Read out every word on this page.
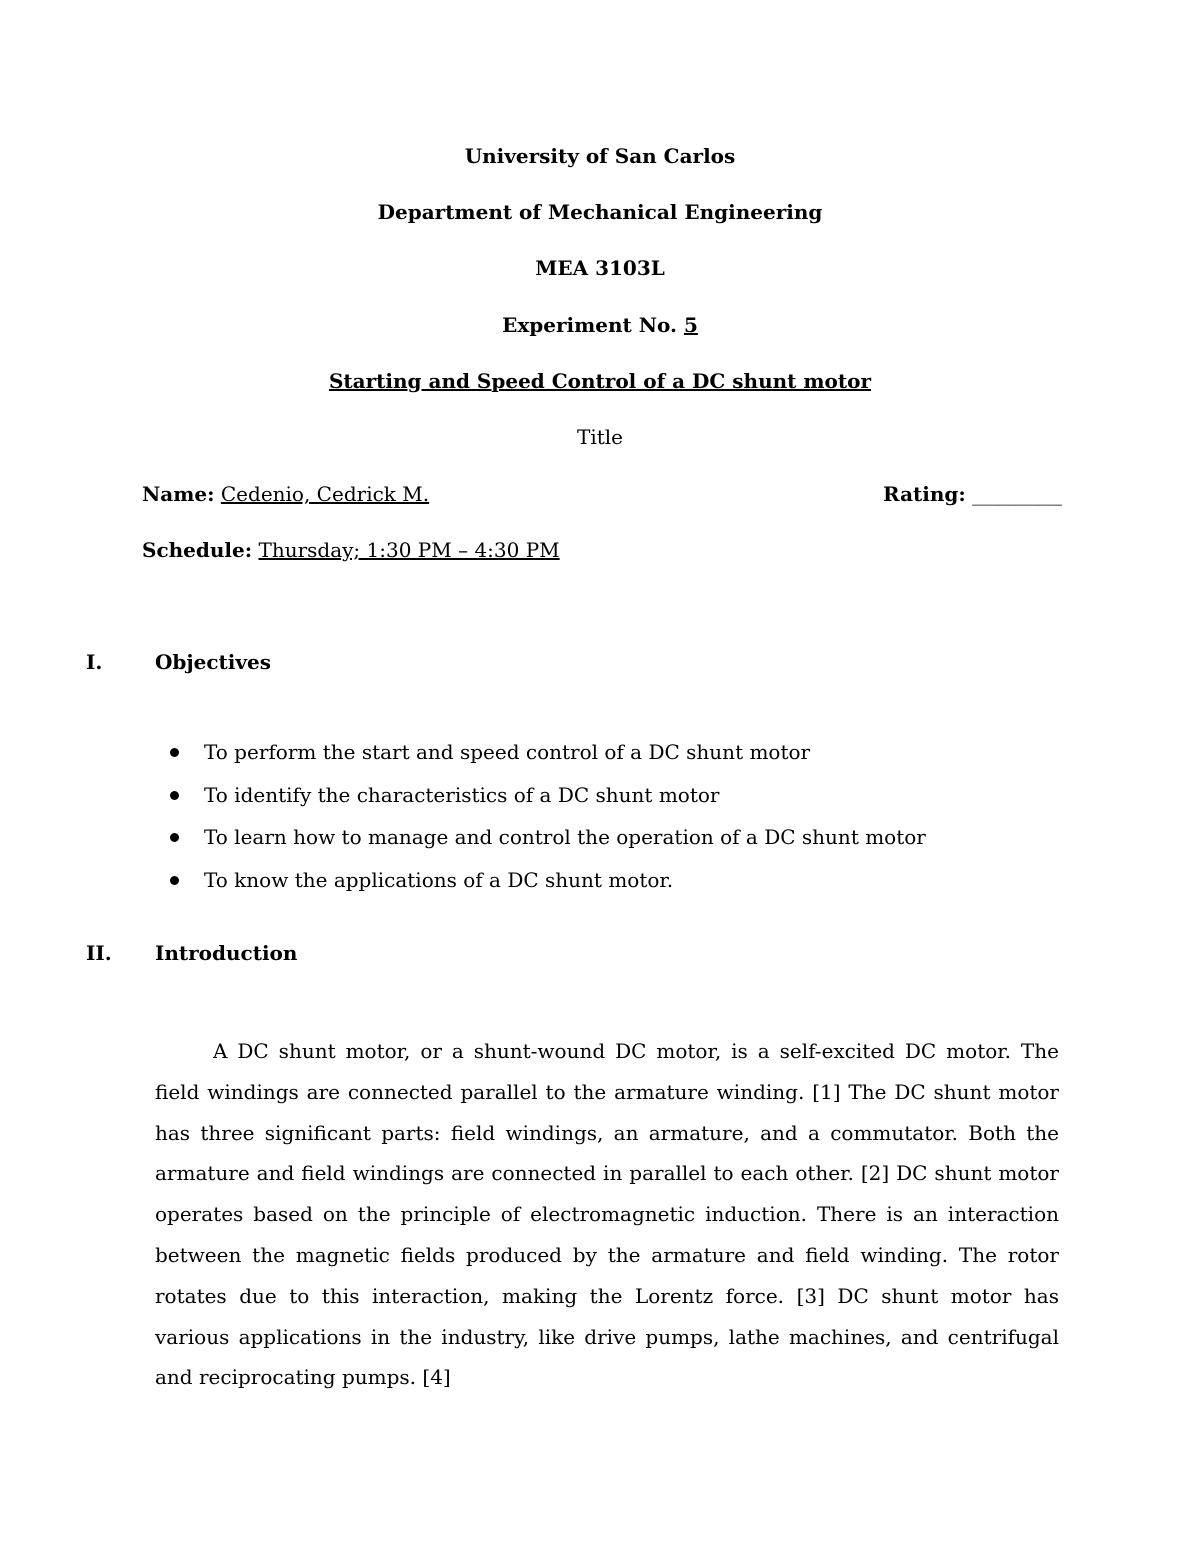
University of San Carlos
Department of Mechanical Engineering
MEA 3103L
Experiment No. 5
Starting and Speed Control of a DC shunt motor
Title
Name: Cedenio, Cedrick M.	Rating: _________
Schedule: Thursday; 1:30 PM – 4:30 PM
I.	Objectives
To perform the start and speed control of a DC shunt motor
To identify the characteristics of a DC shunt motor
To learn how to manage and control the operation of a DC shunt motor
To know the applications of a DC shunt motor.
II. Introduction

A DC shunt motor, or a shunt-wound DC motor, is a self-excited DC motor. The field windings are connected parallel to the armature winding. [1] The DC shunt motor has three significant parts: field windings, an armature, and a commutator. Both the armature and field windings are connected in parallel to each other. [2] DC shunt motor operates based on the principle of electromagnetic induction. There is an interaction between the magnetic fields produced by the armature and field winding. The rotor rotates due to this interaction, making the Lorentz force. [3] DC shunt motor has various applications in the industry, like drive pumps, lathe machines, and centrifugal and reciprocating pumps. [4]
